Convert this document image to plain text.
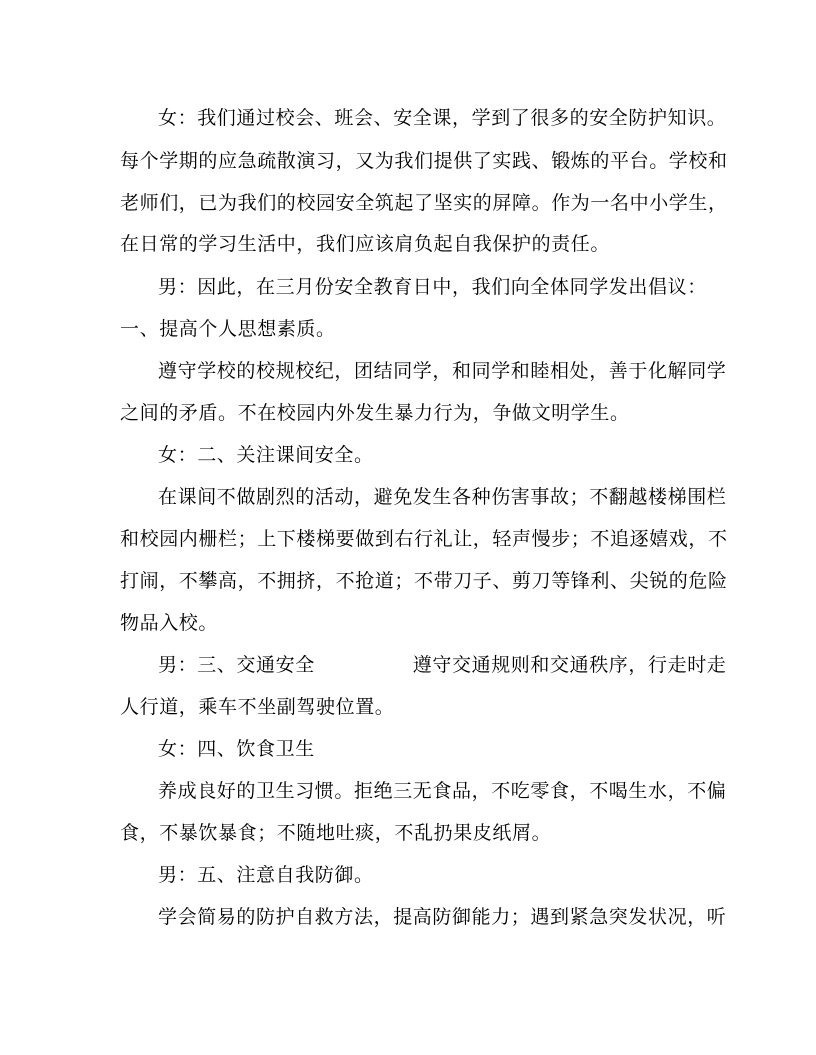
女：我们通过校会、班会、安全课，学到了很多的安全防护知识。
每个学期的应急疏散演习，又为我们提供了实践、锻炼的平台。学校和
老师们，已为我们的校园安全筑起了坚实的屏障。作为一名中小学生，
在日常的学习生活中，我们应该肩负起自我保护的责任。
男：因此，在三月份安全教育日中，我们向全体同学发出倡议：
一、提高个人思想素质。
遵守学校的校规校纪，团结同学，和同学和睦相处，善于化解同学
之间的矛盾。不在校园内外发生暴力行为，争做文明学生。
女：二、关注课间安全。
在课间不做剧烈的活动，避免发生各种伤害事故；不翻越楼梯围栏
和校园内栅栏；上下楼梯要做到右行礼让，轻声慢步；不追逐嬉戏，不
打闹，不攀高，不拥挤，不抢道；不带刀子、剪刀等锋利、尖锐的危险
物品入校。
男：三、交通安全　　　　　遵守交通规则和交通秩序，行走时走
人行道，乘车不坐副驾驶位置。
女：四、饮食卫生
养成良好的卫生习惯。拒绝三无食品，不吃零食，不喝生水，不偏
食，不暴饮暴食；不随地吐痰，不乱扔果皮纸屑。
男：五、注意自我防御。
学会简易的防护自救方法，提高防御能力；遇到紧急突发状况，听
